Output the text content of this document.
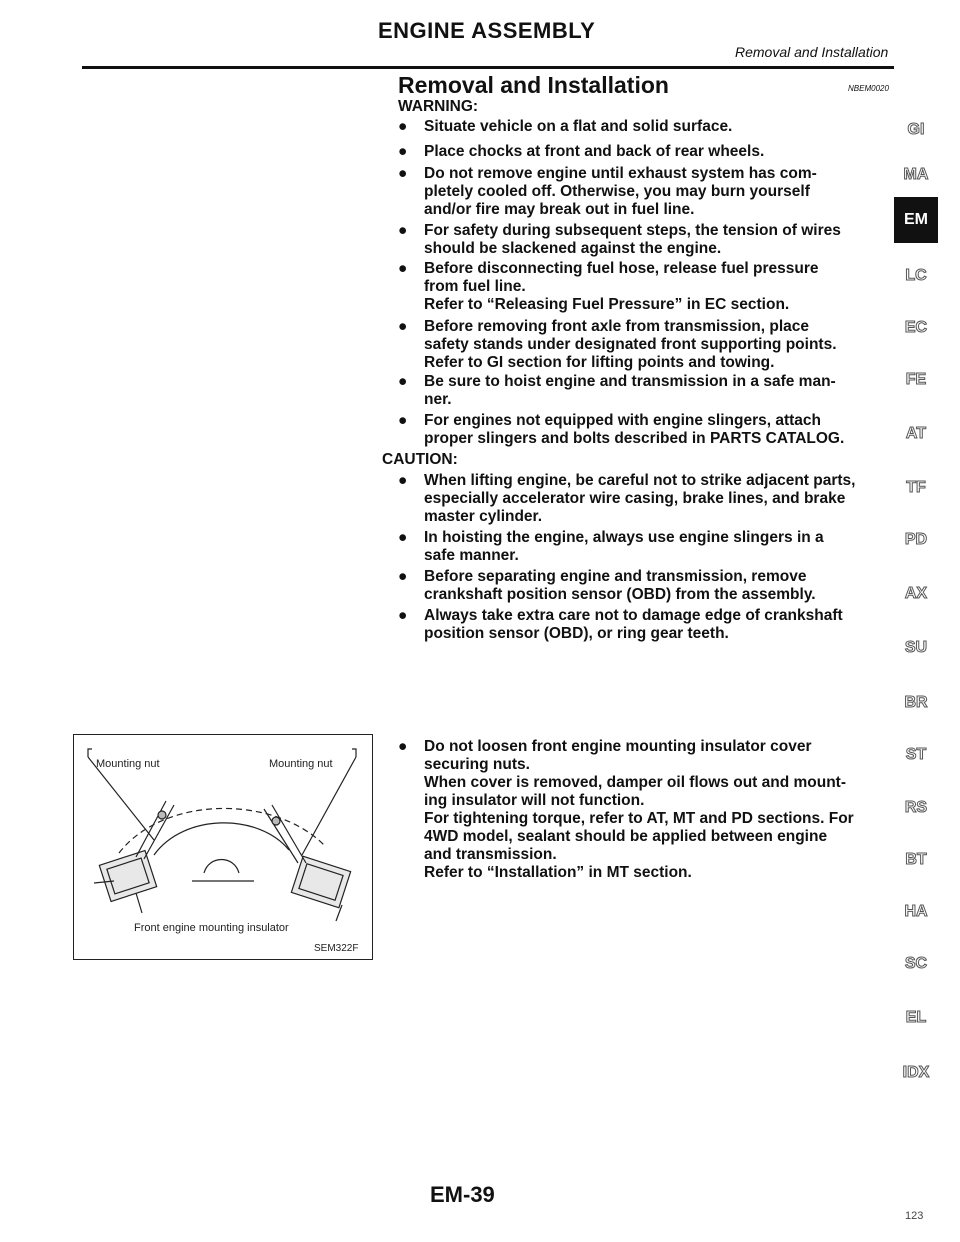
ENGINE ASSEMBLY
Removal and Installation
Removal and Installation	NBEM0020
WARNING:
● Situate vehicle on a flat and solid surface.
● Place chocks at front and back of rear wheels.
● Do not remove engine until exhaust system has com-
pletely cooled off. Otherwise, you may burn yourself
and/or fire may break out in fuel line.
● For safety during subsequent steps, the tension of wires
should be slackened against the engine.
● Before disconnecting fuel hose, release fuel pressure
from fuel line.
Refer to “Releasing Fuel Pressure” in EC section.
● Before removing front axle from transmission, place
safety stands under designated front supporting points.
Refer to GI section for lifting points and towing.
● Be sure to hoist engine and transmission in a safe man-
ner.
● For engines not equipped with engine slingers, attach
proper slingers and bolts described in PARTS CATALOG.
CAUTION:
● When lifting engine, be careful not to strike adjacent parts,
especially accelerator wire casing, brake lines, and brake
master cylinder.
● In hoisting the engine, always use engine slingers in a
safe manner.
● Before separating engine and transmission, remove
crankshaft position sensor (OBD) from the assembly.
● Always take extra care not to damage edge of crankshaft
position sensor (OBD), or ring gear teeth.
● Do not loosen front engine mounting insulator cover
securing nuts.
When cover is removed, damper oil flows out and mount-
ing insulator will not function.
For tightening torque, refer to AT, MT and PD sections. For
4WD model, sealant should be applied between engine
and transmission.
Refer to “Installation” in MT section.
Mounting nut	Mounting nut
Front engine mounting insulator
SEM322F
GI
MA
EM
LC
EC
FE
AT
TF
PD
AX
SU
BR
ST
RS
BT
HA
SC
EL
IDX
EM-39
123
